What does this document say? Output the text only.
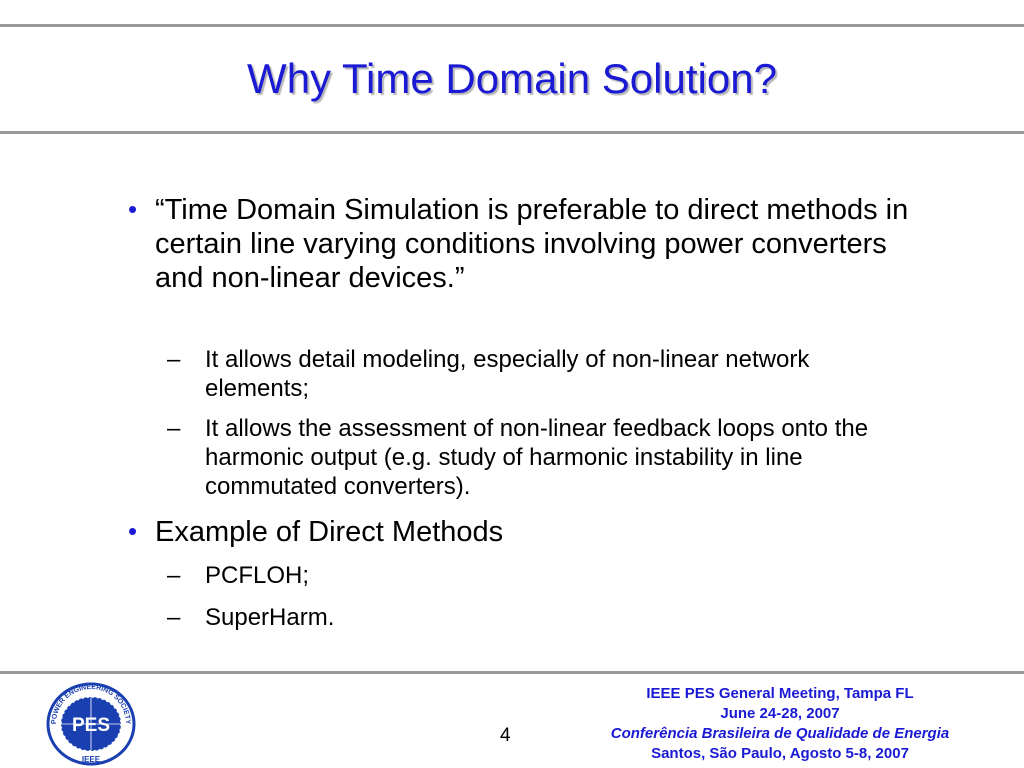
Why Time Domain Solution?
• “Time Domain Simulation is preferable to direct methods in certain line varying conditions involving power converters and non-linear devices.”
– It allows detail modeling, especially of non-linear network elements;
– It allows the assessment of non-linear feedback loops onto the harmonic output (e.g. study of harmonic instability in line commutated converters).
• Example of Direct Methods
– PCFLOH;
– SuperHarm.
PES
POWER ENGINEERING SOCIETY
IEEE
4
IEEE PES General Meeting, Tampa FL
June 24-28, 2007
Conferência Brasileira de Qualidade de Energia
Santos, São Paulo, Agosto 5-8, 2007
